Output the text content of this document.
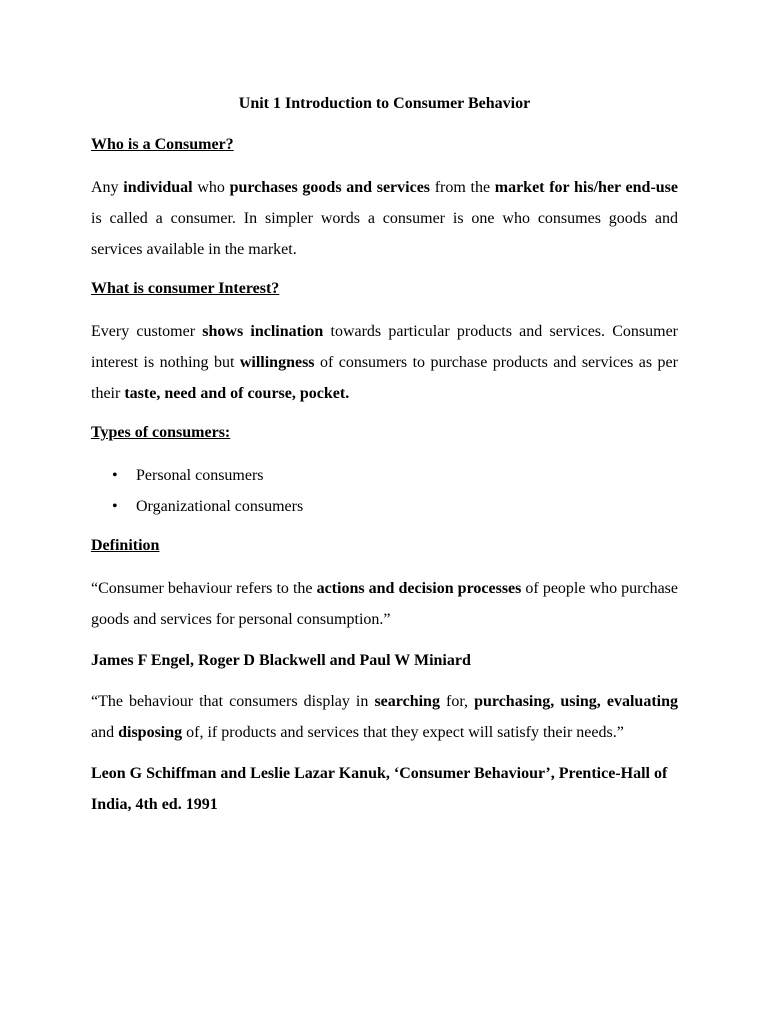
Unit 1 Introduction to Consumer Behavior
Who is a Consumer?

Any individual who purchases goods and services from the market for his/her end-use is called a consumer. In simpler words a consumer is one who consumes goods and services available in the market.

What is consumer Interest?

Every customer shows inclination towards particular products and services. Consumer interest is nothing but willingness of consumers to purchase products and services as per their taste, need and of course, pocket.

Types of consumers:
• Personal consumers
• Organizational consumers
Definition

“Consumer behaviour refers to the actions and decision processes of people who purchase goods and services for personal consumption.”

James F Engel, Roger D Blackwell and Paul W Miniard

“The behaviour that consumers display in searching for, purchasing, using, evaluating and disposing of, if products and services that they expect will satisfy their needs.”

Leon G Schiffman and Leslie Lazar Kanuk, ‘Consumer Behaviour’, Prentice-Hall of India, 4th ed. 1991
